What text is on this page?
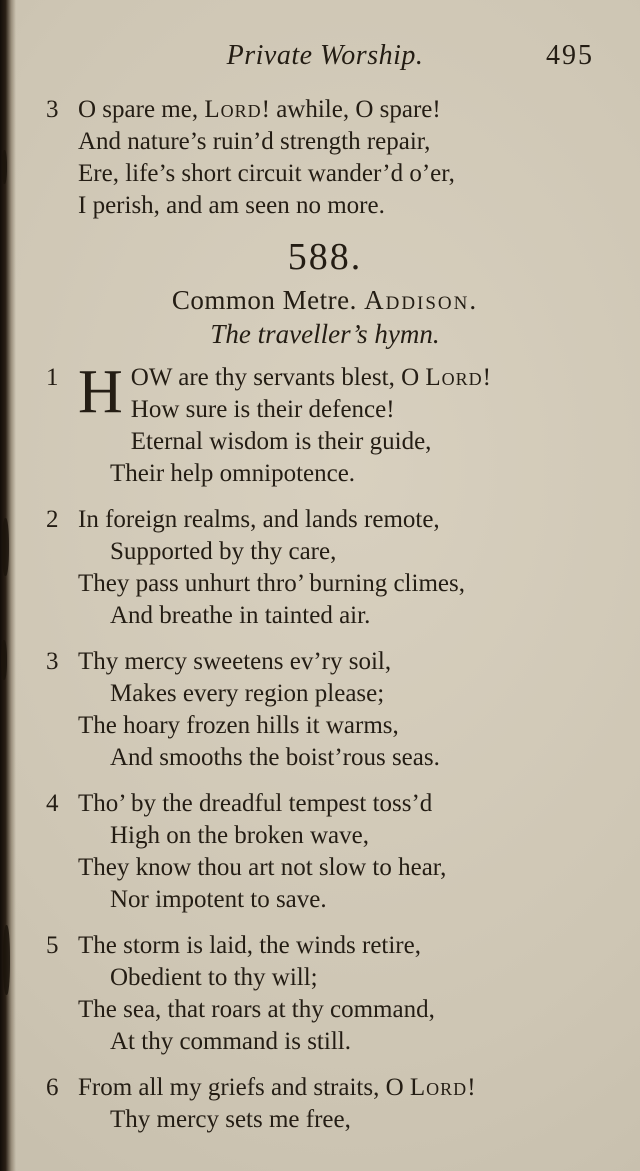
Private Worship.	495
3 O spare me, Lord! awhile, O spare!
And nature’s ruin’d strength repair,
Ere, life’s short circuit wander’d o’er,
I perish, and am seen no more.
588.
Common Metre. Addison.
The traveller’s hymn.
1 H OW are thy servants blest, O Lord!
How sure is their defence!
Eternal wisdom is their guide,
Their help omnipotence.
2 In foreign realms, and lands remote,
Supported by thy care,
They pass unhurt thro’ burning climes,
And breathe in tainted air.
3 Thy mercy sweetens ev’ry soil,
Makes every region please;
The hoary frozen hills it warms,
And smooths the boist’rous seas.
4 Tho’ by the dreadful tempest toss’d
High on the broken wave,
They know thou art not slow to hear,
Nor impotent to save.
5 The storm is laid, the winds retire,
Obedient to thy will;
The sea, that roars at thy command,
At thy command is still.
6 From all my griefs and straits, O Lord!
Thy mercy sets me free,
